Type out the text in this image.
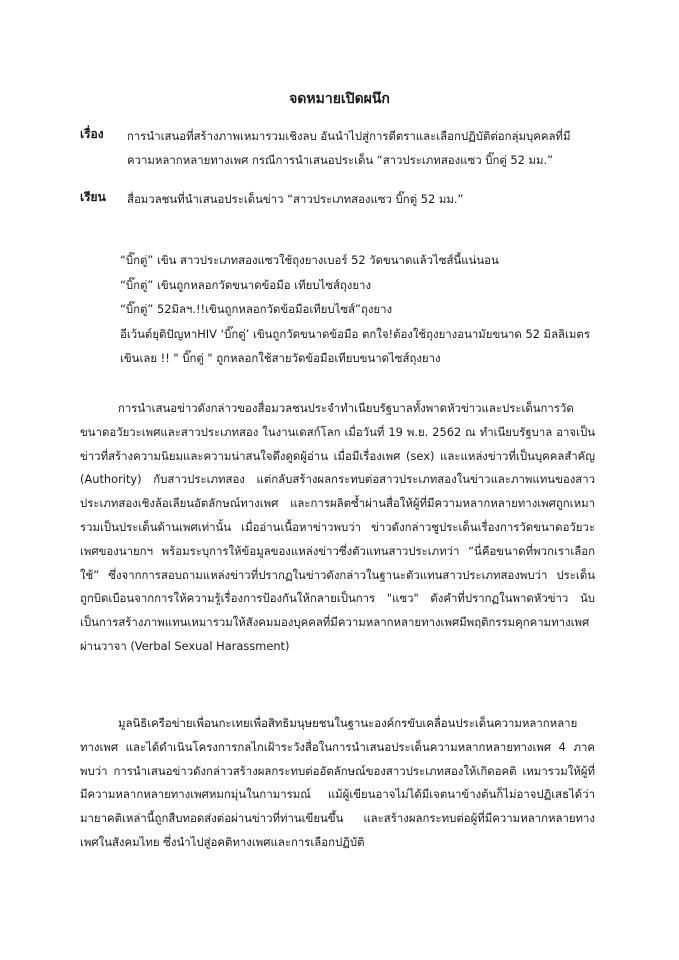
จดหมายเปิดผนึก
เรื่อง การนำเสนอที่สร้างภาพเหมารวมเชิงลบ อันนำไปสู่การตีตราและเลือกปฏิบัติต่อกลุ่มบุคคลที่มีความหลากหลายทางเพศ กรณีการนำเสนอประเด็น “สาวประเภทสองแซว บิ๊กตู่ 52 มม.”
เรียน สื่อมวลชนที่นำเสนอประเด็นข่าว “สาวประเภทสองแซว บิ๊กตู่ 52 มม.”
“บิ๊กตู่” เขิน สาวประเภทสองแซวใช้ถุงยางเบอร์ 52 วัดขนาดแล้วไซส์นี้แน่นอน
“บิ๊กตู่” เขินถูกหลอกวัดขนาดข้อมือ เทียบไซส์ถุงยาง
“บิ๊กตู่” 52มิลฯ.!!เขินถูกหลอกวัดข้อมือเทียบไซส์”ถุงยาง
อีเว้นต์ยุติปัญหาHIV ‘บิ๊กตู่’ เขินถูกวัดขนาดข้อมือ ตกใจ!ต้องใช้ถุงยางอนามัยขนาด 52 มิลลิเมตร
เขินเลย !! " บิ๊กตู่ " ถูกหลอกใช้สายวัดข้อมือเทียบขนาดไซส์ถุงยาง
การนำเสนอข่าวดังกล่าวของสื่อมวลชนประจำทำเนียบรัฐบาลทั้งพาดหัวข่าวและประเด็นการวัดขนาดอวัยวะเพศและสาวประเภทสอง ในงานเดสก์โลก เมื่อวันที่ 19 พ.ย. 2562 ณ ทำเนียบรัฐบาล อาจเป็นข่าวที่สร้างความนิยมและความน่าสนใจดึงดูดผู้อ่าน เมื่อมีเรื่องเพศ (sex) และแหล่งข่าวที่เป็นบุคคลสำคัญ (Authority) กับสาวประเภทสอง แต่กลับสร้างผลกระทบต่อสาวประเภทสองในข่าวและภาพแทนของสาวประเภทสองเชิงล้อเลียนอัตลักษณ์ทางเพศ และการผลิตซ้ำผ่านสื่อให้ผู้ที่มีความหลากหลายทางเพศถูกเหมารวมเป็นประเด็นด้านเพศเท่านั้น เมื่ออ่านเนื้อหาข่าวพบว่า ข่าวดังกล่าวชูประเด็นเรื่องการวัดขนาดอวัยวะเพศของนายกฯ พร้อมระบุการให้ข้อมูลของแหล่งข่าวซึ่งตัวแทนสาวประเภทว่า “นี่คือขนาดที่พวกเราเลือกใช้” ซึ่งจากการสอบถามแหล่งข่าวที่ปรากฏในข่าวดังกล่าวในฐานะตัวแทนสาวประเภทสองพบว่า ประเด็นถูกบิดเบือนจากการให้ความรู้เรื่องการป้องกันให้กลายเป็นการ "แซว" ดังคำที่ปรากฏในพาดหัวข่าว นับเป็นการสร้างภาพแทนเหมารวมให้สังคมมองบุคคลที่มีความหลากหลายทางเพศมีพฤติกรรมคุกคามทางเพศผ่านวาจา (Verbal Sexual Harassment)
มูลนิธิเครือข่ายเพื่อนกะเทยเพื่อสิทธิมนุษยชนในฐานะองค์กรขับเคลื่อนประเด็นความหลากหลายทางเพศ และได้ดำเนินโครงการกลไกเฝ้าระวังสื่อในการนำเสนอประเด็นความหลากหลายทางเพศ 4 ภาค พบว่า การนำเสนอข่าวดังกล่าวสร้างผลกระทบต่ออัตลักษณ์ของสาวประเภทสองให้เกิดอคติ เหมารวมให้ผู้ที่มีความหลากหลายทางเพศหมกมุ่นในกามารมณ์ แม้ผู้เขียนอาจไม่ได้มีเจตนาข้างต้นก็ไม่อาจปฏิเสธได้ว่ามายาคติเหล่านี้ถูกสืบทอดส่งต่อผ่านข่าวที่ท่านเขียนขึ้น และสร้างผลกระทบต่อผู้ที่มีความหลากหลายทางเพศในสังคมไทย ซึ่งนำไปสู่อคติทางเพศและการเลือกปฏิบัติ
